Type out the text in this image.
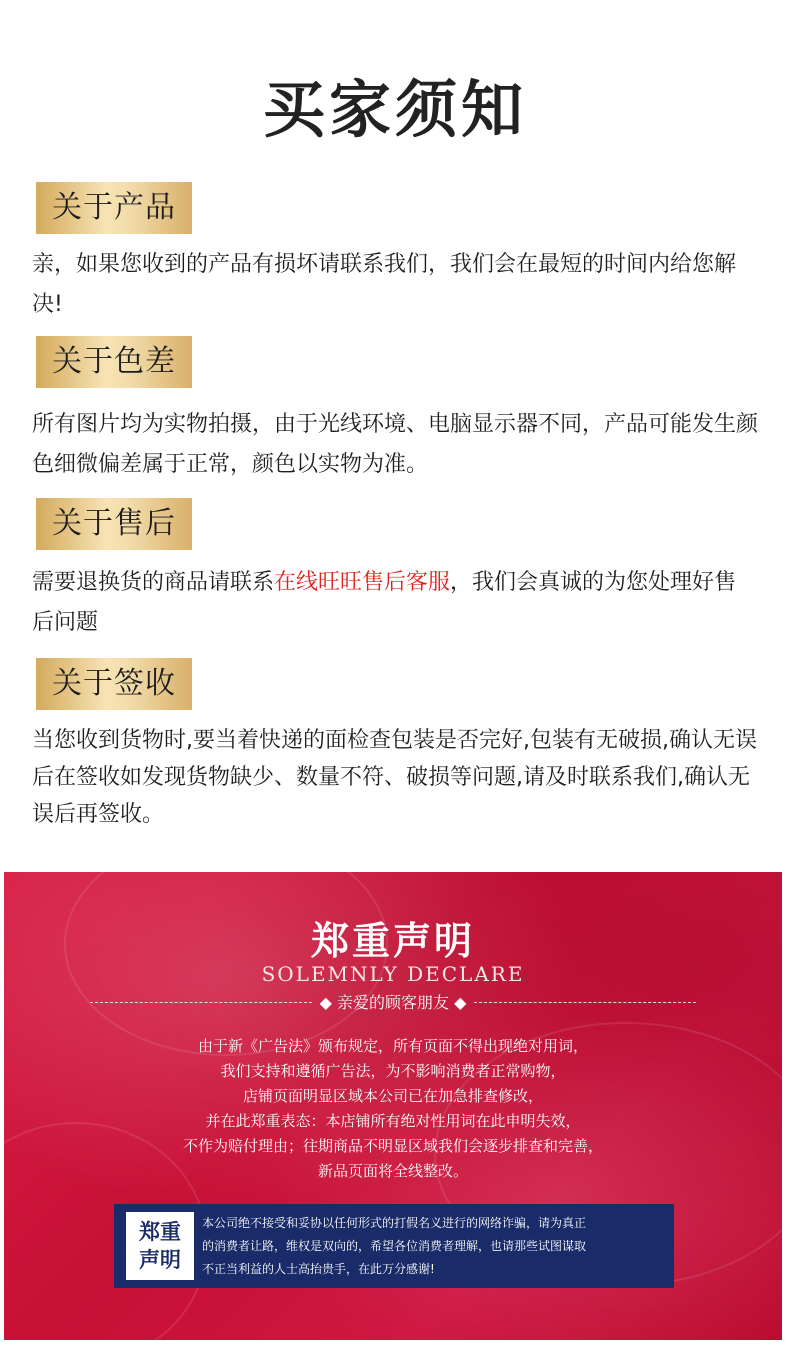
买家须知
关于产品
亲，如果您收到的产品有损坏请联系我们，我们会在最短的时间内给您解决!
关于色差
所有图片均为实物拍摄，由于光线环境、电脑显示器不同，产品可能发生颜色细微偏差属于正常，颜色以实物为准。
关于售后
需要退换货的商品请联系在线旺旺售后客服，我们会真诚的为您处理好售后问题
关于签收
当您收到货物时,要当着快递的面检查包装是否完好,包装有无破损,确认无误后在签收如发现货物缺少、数量不符、破损等问题,请及时联系我们,确认无误后再签收。
郑重声明
SOLEMNLY DECLARE
◆ 亲爱的顾客朋友 ◆
由于新《广告法》颁布规定，所有页面不得出现绝对用词，
我们支持和遵循广告法，为不影响消费者正常购物，
店铺页面明显区域本公司已在加急排查修改，
并在此郑重表态：本店铺所有绝对性用词在此申明失效，
不作为赔付理由；往期商品不明显区域我们会逐步排查和完善，
新品页面将全线整改。
郑重
声明
本公司绝不接受和妥协以任何形式的打假名义进行的网络诈骗，请为真正
的消费者让路，维权是双向的，希望各位消费者理解，也请那些试图谋取
不正当利益的人士高抬贵手，在此万分感谢!
